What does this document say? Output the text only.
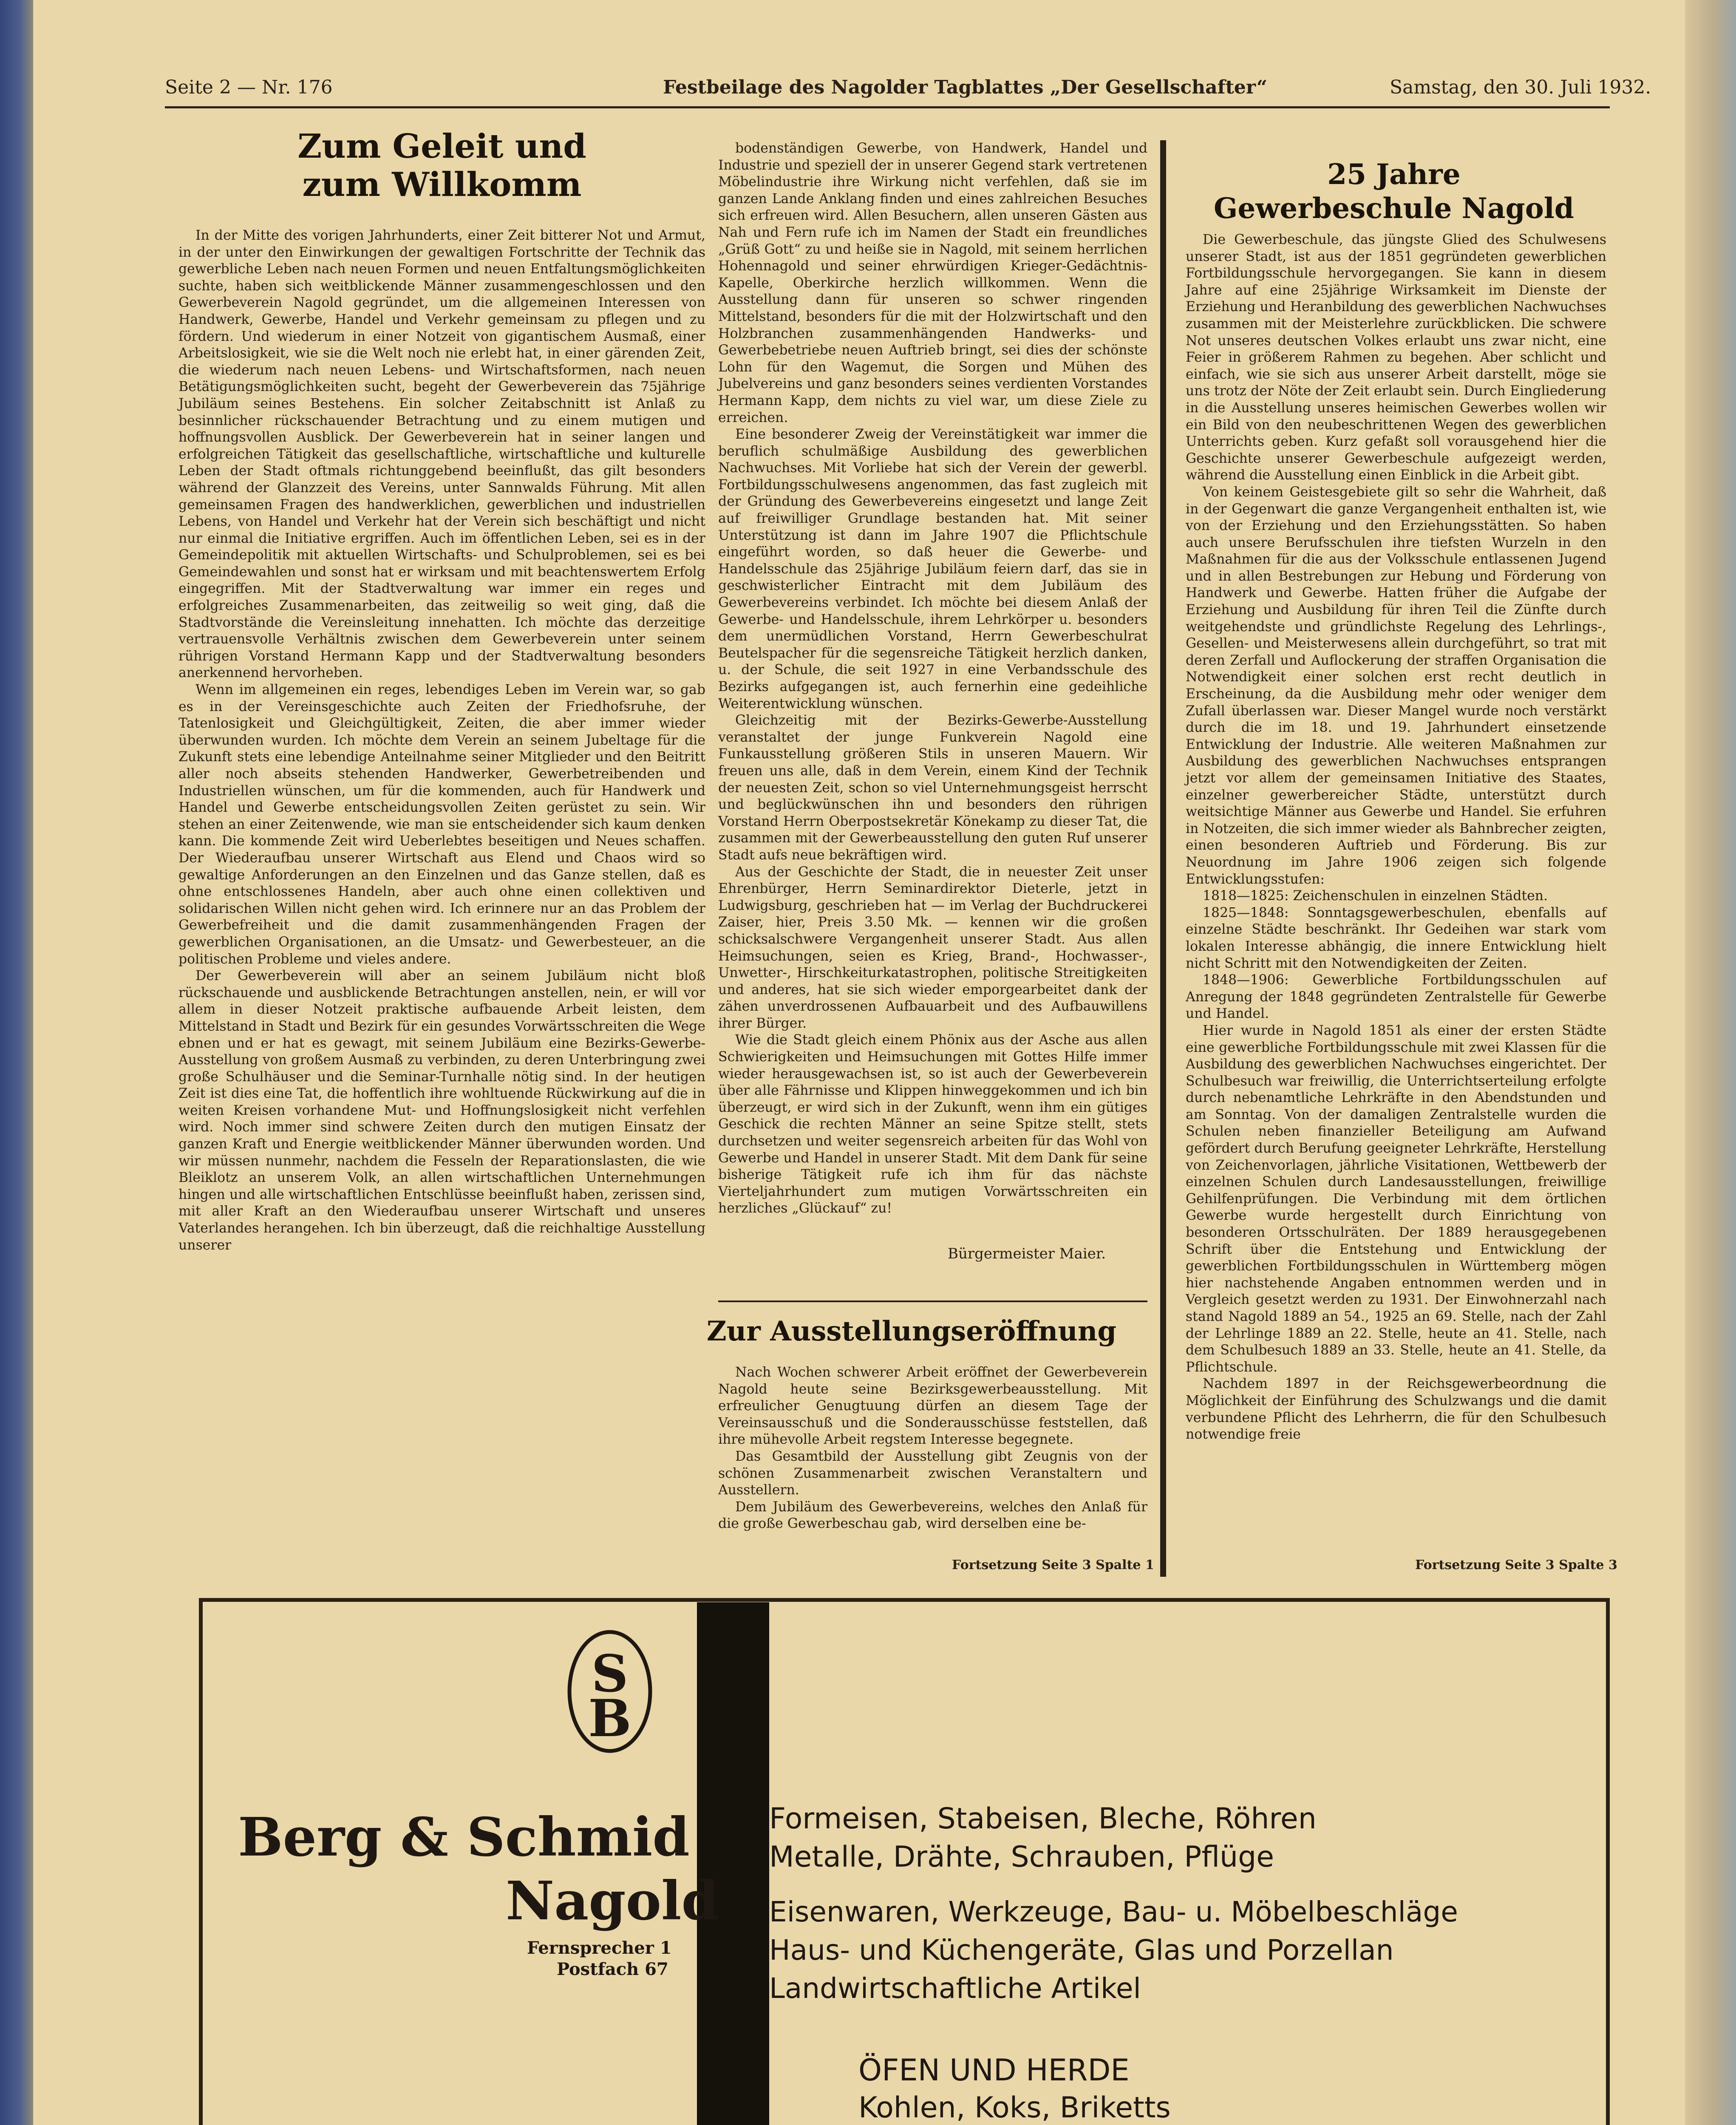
Seite 2 — Nr. 176	Festbeilage des Nagolder Tagblattes „Der Gesellschafter“	Samstag, den 30. Juli 1932.
Zum Geleit und
zum Willkomm

In der Mitte des vorigen Jahrhunderts, einer Zeit bitterer Not und Armut, in der unter den Einwirkungen der gewaltigen Fortschritte der Technik das gewerbliche Leben nach neuen Formen und neuen Entfaltungsmöglichkeiten suchte, haben sich weitblickende Männer zusammengeschlossen und den Gewerbeverein Nagold gegründet, um die allgemeinen Interessen von Handwerk, Gewerbe, Handel und Verkehr gemeinsam zu pflegen und zu fördern. Und wiederum in einer Notzeit von gigantischem Ausmaß, einer Arbeitslosigkeit, wie sie die Welt noch nie erlebt hat, in einer gärenden Zeit, die wiederum nach neuen Lebens- und Wirtschaftsformen, nach neuen Betätigungsmöglichkeiten sucht, begeht der Gewerbeverein das 75jährige Jubiläum seines Bestehens. Ein solcher Zeitabschnitt ist Anlaß zu besinnlicher rückschauender Betrachtung und zu einem mutigen und hoffnungsvollen Ausblick. Der Gewerbeverein hat in seiner langen und erfolgreichen Tätigkeit das gesellschaftliche, wirtschaftliche und kulturelle Leben der Stadt oftmals richtunggebend beeinflußt, das gilt besonders während der Glanzzeit des Vereins, unter Sannwalds Führung. Mit allen gemeinsamen Fragen des handwerklichen, gewerblichen und industriellen Lebens, von Handel und Verkehr hat der Verein sich beschäftigt und nicht nur einmal die Initiative ergriffen. Auch im öffentlichen Leben, sei es in der Gemeindepolitik mit aktuellen Wirtschafts- und Schulproblemen, sei es bei Gemeindewahlen und sonst hat er wirksam und mit beachtenswertem Erfolg eingegriffen. Mit der Stadtverwaltung war immer ein reges und erfolgreiches Zusammenarbeiten, das zeitweilig so weit ging, daß die Stadtvorstände die Vereinsleitung innehatten. Ich möchte das derzeitige vertrauensvolle Verhältnis zwischen dem Gewerbeverein unter seinem rührigen Vorstand Hermann Kapp und der Stadtverwaltung besonders anerkennend hervorheben.

Wenn im allgemeinen ein reges, lebendiges Leben im Verein war, so gab es in der Vereinsgeschichte auch Zeiten der Friedhofsruhe, der Tatenlosigkeit und Gleichgültigkeit, Zeiten, die aber immer wieder überwunden wurden. Ich möchte dem Verein an seinem Jubeltage für die Zukunft stets eine lebendige Anteilnahme seiner Mitglieder und den Beitritt aller noch abseits stehenden Handwerker, Gewerbetreibenden und Industriellen wünschen, um für die kommenden, auch für Handwerk und Handel und Gewerbe entscheidungsvollen Zeiten gerüstet zu sein. Wir stehen an einer Zeitenwende, wie man sie entscheidender sich kaum denken kann. Die kommende Zeit wird Ueberlebtes beseitigen und Neues schaffen. Der Wiederaufbau unserer Wirtschaft aus Elend und Chaos wird so gewaltige Anforderungen an den Einzelnen und das Ganze stellen, daß es ohne entschlossenes Handeln, aber auch ohne einen collektiven und solidarischen Willen nicht gehen wird. Ich erinnere nur an das Problem der Gewerbefreiheit und die damit zusammenhängenden Fragen der gewerblichen Organisationen, an die Umsatz- und Gewerbesteuer, an die politischen Probleme und vieles andere.

Der Gewerbeverein will aber an seinem Jubiläum nicht bloß rückschauende und ausblickende Betrachtungen anstellen, nein, er will vor allem in dieser Notzeit praktische aufbauende Arbeit leisten, dem Mittelstand in Stadt und Bezirk für ein gesundes Vorwärtsschreiten die Wege ebnen und er hat es gewagt, mit seinem Jubiläum eine Bezirks-Gewerbe-Ausstellung von großem Ausmaß zu verbinden, zu deren Unterbringung zwei große Schulhäuser und die Seminar-Turnhalle nötig sind. In der heutigen Zeit ist dies eine Tat, die hoffentlich ihre wohltuende Rückwirkung auf die in weiten Kreisen vorhandene Mut- und Hoffnungslosigkeit nicht verfehlen wird. Noch immer sind schwere Zeiten durch den mutigen Einsatz der ganzen Kraft und Energie weitblickender Männer überwunden worden. Und wir müssen nunmehr, nachdem die Fesseln der Reparationslasten, die wie Bleiklotz an unserem Volk, an allen wirtschaftlichen Unternehmungen hingen und alle wirtschaftlichen Entschlüsse beeinflußt haben, zerissen sind, mit aller Kraft an den Wiederaufbau unserer Wirtschaft und unseres Vaterlandes herangehen. Ich bin überzeugt, daß die reichhaltige Ausstellung unserer

bodenständigen Gewerbe, von Handwerk, Handel und Industrie und speziell der in unserer Gegend stark vertretenen Möbelindustrie ihre Wirkung nicht verfehlen, daß sie im ganzen Lande Anklang finden und eines zahlreichen Besuches sich erfreuen wird. Allen Besuchern, allen unseren Gästen aus Nah und Fern rufe ich im Namen der Stadt ein freundliches „Grüß Gott“ zu und heiße sie in Nagold, mit seinem herrlichen Hohennagold und seiner ehrwürdigen Krieger-Gedächtnis-Kapelle, Oberkirche herzlich willkommen. Wenn die Ausstellung dann für unseren so schwer ringenden Mittelstand, besonders für die mit der Holzwirtschaft und den Holzbranchen zusammenhängenden Handwerks- und Gewerbebetriebe neuen Auftrieb bringt, sei dies der schönste Lohn für den Wagemut, die Sorgen und Mühen des Jubelvereins und ganz besonders seines verdienten Vorstandes Hermann Kapp, dem nichts zu viel war, um diese Ziele zu erreichen.

Eine besonderer Zweig der Vereinstätigkeit war immer die beruflich schulmäßige Ausbildung des gewerblichen Nachwuchses. Mit Vorliebe hat sich der Verein der gewerbl. Fortbildungsschulwesens angenommen, das fast zugleich mit der Gründung des Gewerbevereins eingesetzt und lange Zeit auf freiwilliger Grundlage bestanden hat. Mit seiner Unterstützung ist dann im Jahre 1907 die Pflichtschule eingeführt worden, so daß heuer die Gewerbe- und Handelsschule das 25jährige Jubiläum feiern darf, das sie in geschwisterlicher Eintracht mit dem Jubiläum des Gewerbevereins verbindet. Ich möchte bei diesem Anlaß der Gewerbe- und Handelsschule, ihrem Lehrkörper u. besonders dem unermüdlichen Vorstand, Herrn Gewerbeschulrat Beutelspacher für die segensreiche Tätigkeit herzlich danken, u. der Schule, die seit 1927 in eine Verbandsschule des Bezirks aufgegangen ist, auch fernerhin eine gedeihliche Weiterentwicklung wünschen.

Gleichzeitig mit der Bezirks-Gewerbe-Ausstellung veranstaltet der junge Funkverein Nagold eine Funkausstellung größeren Stils in unseren Mauern. Wir freuen uns alle, daß in dem Verein, einem Kind der Technik der neuesten Zeit, schon so viel Unternehmungsgeist herrscht und beglückwünschen ihn und besonders den rührigen Vorstand Herrn Oberpostsekretär Könekamp zu dieser Tat, die zusammen mit der Gewerbeausstellung den guten Ruf unserer Stadt aufs neue bekräftigen wird.

Aus der Geschichte der Stadt, die in neuester Zeit unser Ehrenbürger, Herrn Seminardirektor Dieterle, jetzt in Ludwigsburg, geschrieben hat — im Verlag der Buchdruckerei Zaiser, hier, Preis 3.50 Mk. — kennen wir die großen schicksalschwere Vergangenheit unserer Stadt. Aus allen Heimsuchungen, seien es Krieg, Brand-, Hochwasser-, Unwetter-, Hirschkeiturkatastrophen, politische Streitigkeiten und anderes, hat sie sich wieder emporgearbeitet dank der zähen unverdrossenen Aufbauarbeit und des Aufbauwillens ihrer Bürger.

Wie die Stadt gleich einem Phönix aus der Asche aus allen Schwierigkeiten und Heimsuchungen mit Gottes Hilfe immer wieder herausgewachsen ist, so ist auch der Gewerbeverein über alle Fährnisse und Klippen hinweggekommen und ich bin überzeugt, er wird sich in der Zukunft, wenn ihm ein gütiges Geschick die rechten Männer an seine Spitze stellt, stets durchsetzen und weiter segensreich arbeiten für das Wohl von Gewerbe und Handel in unserer Stadt. Mit dem Dank für seine bisherige Tätigkeit rufe ich ihm für das nächste Vierteljahrhundert zum mutigen Vorwärtsschreiten ein herzliches „Glückauf“ zu!

Bürgermeister Maier.
Zur Ausstellungseröffnung

Nach Wochen schwerer Arbeit eröffnet der Gewerbeverein Nagold heute seine Bezirksgewerbeausstellung. Mit erfreulicher Genugtuung dürfen an diesem Tage der Vereinsausschuß und die Sonderausschüsse feststellen, daß ihre mühevolle Arbeit regstem Interesse begegnete.

Das Gesamtbild der Ausstellung gibt Zeugnis von der schönen Zusammenarbeit zwischen Veranstaltern und Ausstellern.

Dem Jubiläum des Gewerbevereins, welches den Anlaß für die große Gewerbeschau gab, wird derselben eine be-

Fortsetzung Seite 3 Spalte 1
25 Jahre
Gewerbeschule Nagold

Die Gewerbeschule, das jüngste Glied des Schulwesens unserer Stadt, ist aus der 1851 gegründeten gewerblichen Fortbildungsschule hervorgegangen. Sie kann in diesem Jahre auf eine 25jährige Wirksamkeit im Dienste der Erziehung und Heranbildung des gewerblichen Nachwuchses zusammen mit der Meisterlehre zurückblicken. Die schwere Not unseres deutschen Volkes erlaubt uns zwar nicht, eine Feier in größerem Rahmen zu begehen. Aber schlicht und einfach, wie sie sich aus unserer Arbeit darstellt, möge sie uns trotz der Nöte der Zeit erlaubt sein. Durch Eingliederung in die Ausstellung unseres heimischen Gewerbes wollen wir ein Bild von den neubeschrittenen Wegen des gewerblichen Unterrichts geben. Kurz gefaßt soll vorausgehend hier die Geschichte unserer Gewerbeschule aufgezeigt werden, während die Ausstellung einen Einblick in die Arbeit gibt.

Von keinem Geistesgebiete gilt so sehr die Wahrheit, daß in der Gegenwart die ganze Vergangenheit enthalten ist, wie von der Erziehung und den Erziehungsstätten. So haben auch unsere Berufsschulen ihre tiefsten Wurzeln in den Maßnahmen für die aus der Volksschule entlassenen Jugend und in allen Bestrebungen zur Hebung und Förderung von Handwerk und Gewerbe. Hatten früher die Aufgabe der Erziehung und Ausbildung für ihren Teil die Zünfte durch weitgehendste und gründlichste Regelung des Lehrlings-, Gesellen- und Meisterwesens allein durchgeführt, so trat mit deren Zerfall und Auflockerung der straffen Organisation die Notwendigkeit einer solchen erst recht deutlich in Erscheinung, da die Ausbildung mehr oder weniger dem Zufall überlassen war. Dieser Mangel wurde noch verstärkt durch die im 18. und 19. Jahrhundert einsetzende Entwicklung der Industrie. Alle weiteren Maßnahmen zur Ausbildung des gewerblichen Nachwuchses entsprangen jetzt vor allem der gemeinsamen Initiative des Staates, einzelner gewerbereicher Städte, unterstützt durch weitsichtige Männer aus Gewerbe und Handel. Sie erfuhren in Notzeiten, die sich immer wieder als Bahnbrecher zeigten, einen besonderen Auftrieb und Förderung. Bis zur Neuordnung im Jahre 1906 zeigen sich folgende Entwicklungsstufen:

1818—1825: Zeichenschulen in einzelnen Städten.

1825—1848: Sonntagsgewerbeschulen, ebenfalls auf einzelne Städte beschränkt. Ihr Gedeihen war stark vom lokalen Interesse abhängig, die innere Entwicklung hielt nicht Schritt mit den Notwendigkeiten der Zeiten.

1848—1906: Gewerbliche Fortbildungsschulen auf Anregung der 1848 gegründeten Zentralstelle für Gewerbe und Handel.

Hier wurde in Nagold 1851 als einer der ersten Städte eine gewerbliche Fortbildungsschule mit zwei Klassen für die Ausbildung des gewerblichen Nachwuchses eingerichtet. Der Schulbesuch war freiwillig, die Unterrichtserteilung erfolgte durch nebenamtliche Lehrkräfte in den Abendstunden und am Sonntag. Von der damaligen Zentralstelle wurden die Schulen neben finanzieller Beteiligung am Aufwand gefördert durch Berufung geeigneter Lehrkräfte, Herstellung von Zeichenvorlagen, jährliche Visitationen, Wettbewerb der einzelnen Schulen durch Landesausstellungen, freiwillige Gehilfenprüfungen. Die Verbindung mit dem örtlichen Gewerbe wurde hergestellt durch Einrichtung von besonderen Ortsschulräten. Der 1889 herausgegebenen Schrift über die Entstehung und Entwicklung der gewerblichen Fortbildungsschulen in Württemberg mögen hier nachstehende Angaben entnommen werden und in Vergleich gesetzt werden zu 1931. Der Einwohnerzahl nach stand Nagold 1889 an 54., 1925 an 69. Stelle, nach der Zahl der Lehrlinge 1889 an 22. Stelle, heute an 41. Stelle, nach dem Schulbesuch 1889 an 33. Stelle, heute an 41. Stelle, da Pflichtschule.

Nachdem 1897 in der Reichsgewerbeordnung die Möglichkeit der Einführung des Schulzwangs und die damit verbundene Pflicht des Lehrherrn, die für den Schulbesuch notwendige freie

Fortsetzung Seite 3 Spalte 3
S
B
Berg & Schmid
Nagold
Fernsprecher 1
Postfach 67
Formeisen, Stabeisen, Bleche, Röhren
Metalle, Drähte, Schrauben, Pflüge
Eisenwaren, Werkzeuge, Bau- u. Möbelbeschläge
Haus- und Küchengeräte, Glas und Porzellan
Landwirtschaftliche Artikel
ÖFEN UND HERDE
Kohlen, Koks, Briketts
